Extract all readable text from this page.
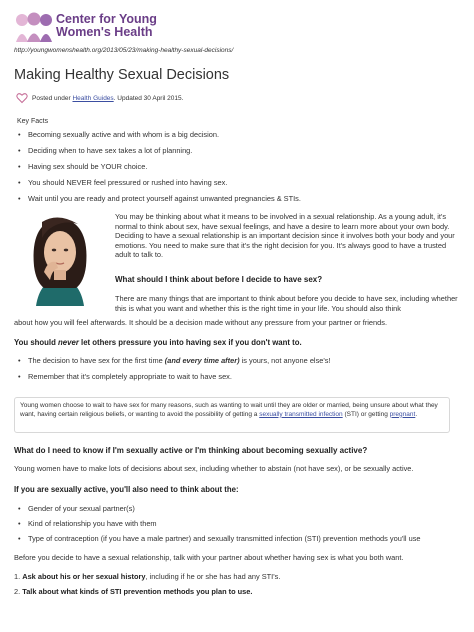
Center for Young
Women's Health
http://youngwomenshealth.org/2013/05/23/making-healthy-sexual-decisions/
Making Healthy Sexual Decisions
Posted under Health Guides. Updated 30 April 2015.
Key Facts
• Becoming sexually active and with whom is a big decision.
• Deciding when to have sex takes a lot of planning.
• Having sex should be YOUR choice.
• You should NEVER feel pressured or rushed into having sex.
• Wait until you are ready and protect yourself against unwanted pregnancies & STIs.
You may be thinking about what it means to be involved in a sexual relationship. As a young adult, it's normal to think about sex, have sexual feelings, and have a desire to learn more about your own body. Deciding to have a sexual relationship is an important decision since it involves both your body and your emotions. You need to make sure that it's the right decision for you. It's always good to have a trusted adult to talk to.
What should I think about before I decide to have sex?
There are many things that are important to think about before you decide to have sex, including whether this is what you want and whether this is the right time in your life. You should also think
about how you will feel afterwards. It should be a decision made without any pressure from your partner or friends.
You should never let others pressure you into having sex if you don't want to.
• The decision to have sex for the first time (and every time after) is yours, not anyone else's!
• Remember that it's completely appropriate to wait to have sex.
Young women choose to wait to have sex for many reasons, such as wanting to wait until they are older or married, being unsure about what they want, having certain religious beliefs, or wanting to avoid the possibility of getting a sexually transmitted infection (STI) or getting pregnant.
What do I need to know if I'm sexually active or I'm thinking about becoming sexually active?
Young women have to make lots of decisions about sex, including whether to abstain (not have sex), or be sexually active.
If you are sexually active, you'll also need to think about the:
• Gender of your sexual partner(s)
• Kind of relationship you have with them
• Type of contraception (if you have a male partner) and sexually transmitted infection (STI) prevention methods you'll use
Before you decide to have a sexual relationship, talk with your partner about whether having sex is what you both want.
1. Ask about his or her sexual history, including if he or she has had any STI's.
2. Talk about what kinds of STI prevention methods you plan to use.
